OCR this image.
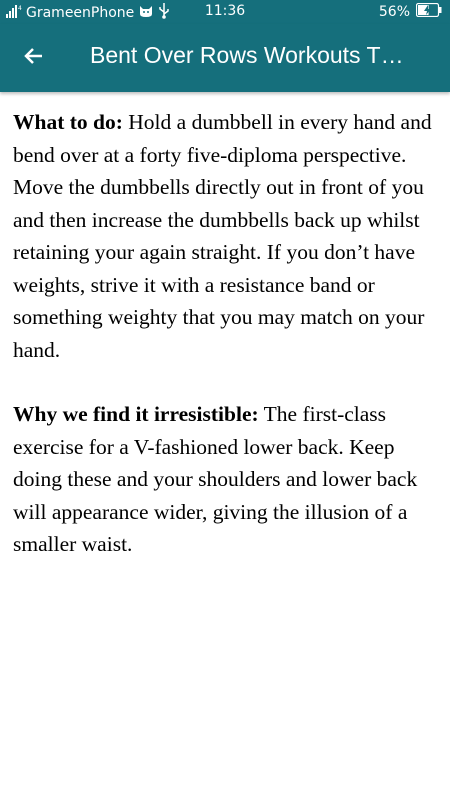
4 GrameenPhone	11:36	56%
Bent Over Rows Workouts T…

What to do: Hold a dumbbell in every hand and bend over at a forty five-diploma perspective. Move the dumbbells directly out in front of you and then increase the dumbbells back up whilst retaining your again straight. If you don’t have weights, strive it with a resistance band or something weighty that you may match on your hand.

Why we find it irresistible: The first-class exercise for a V-fashioned lower back. Keep doing these and your shoulders and lower back will appearance wider, giving the illusion of a smaller waist.
